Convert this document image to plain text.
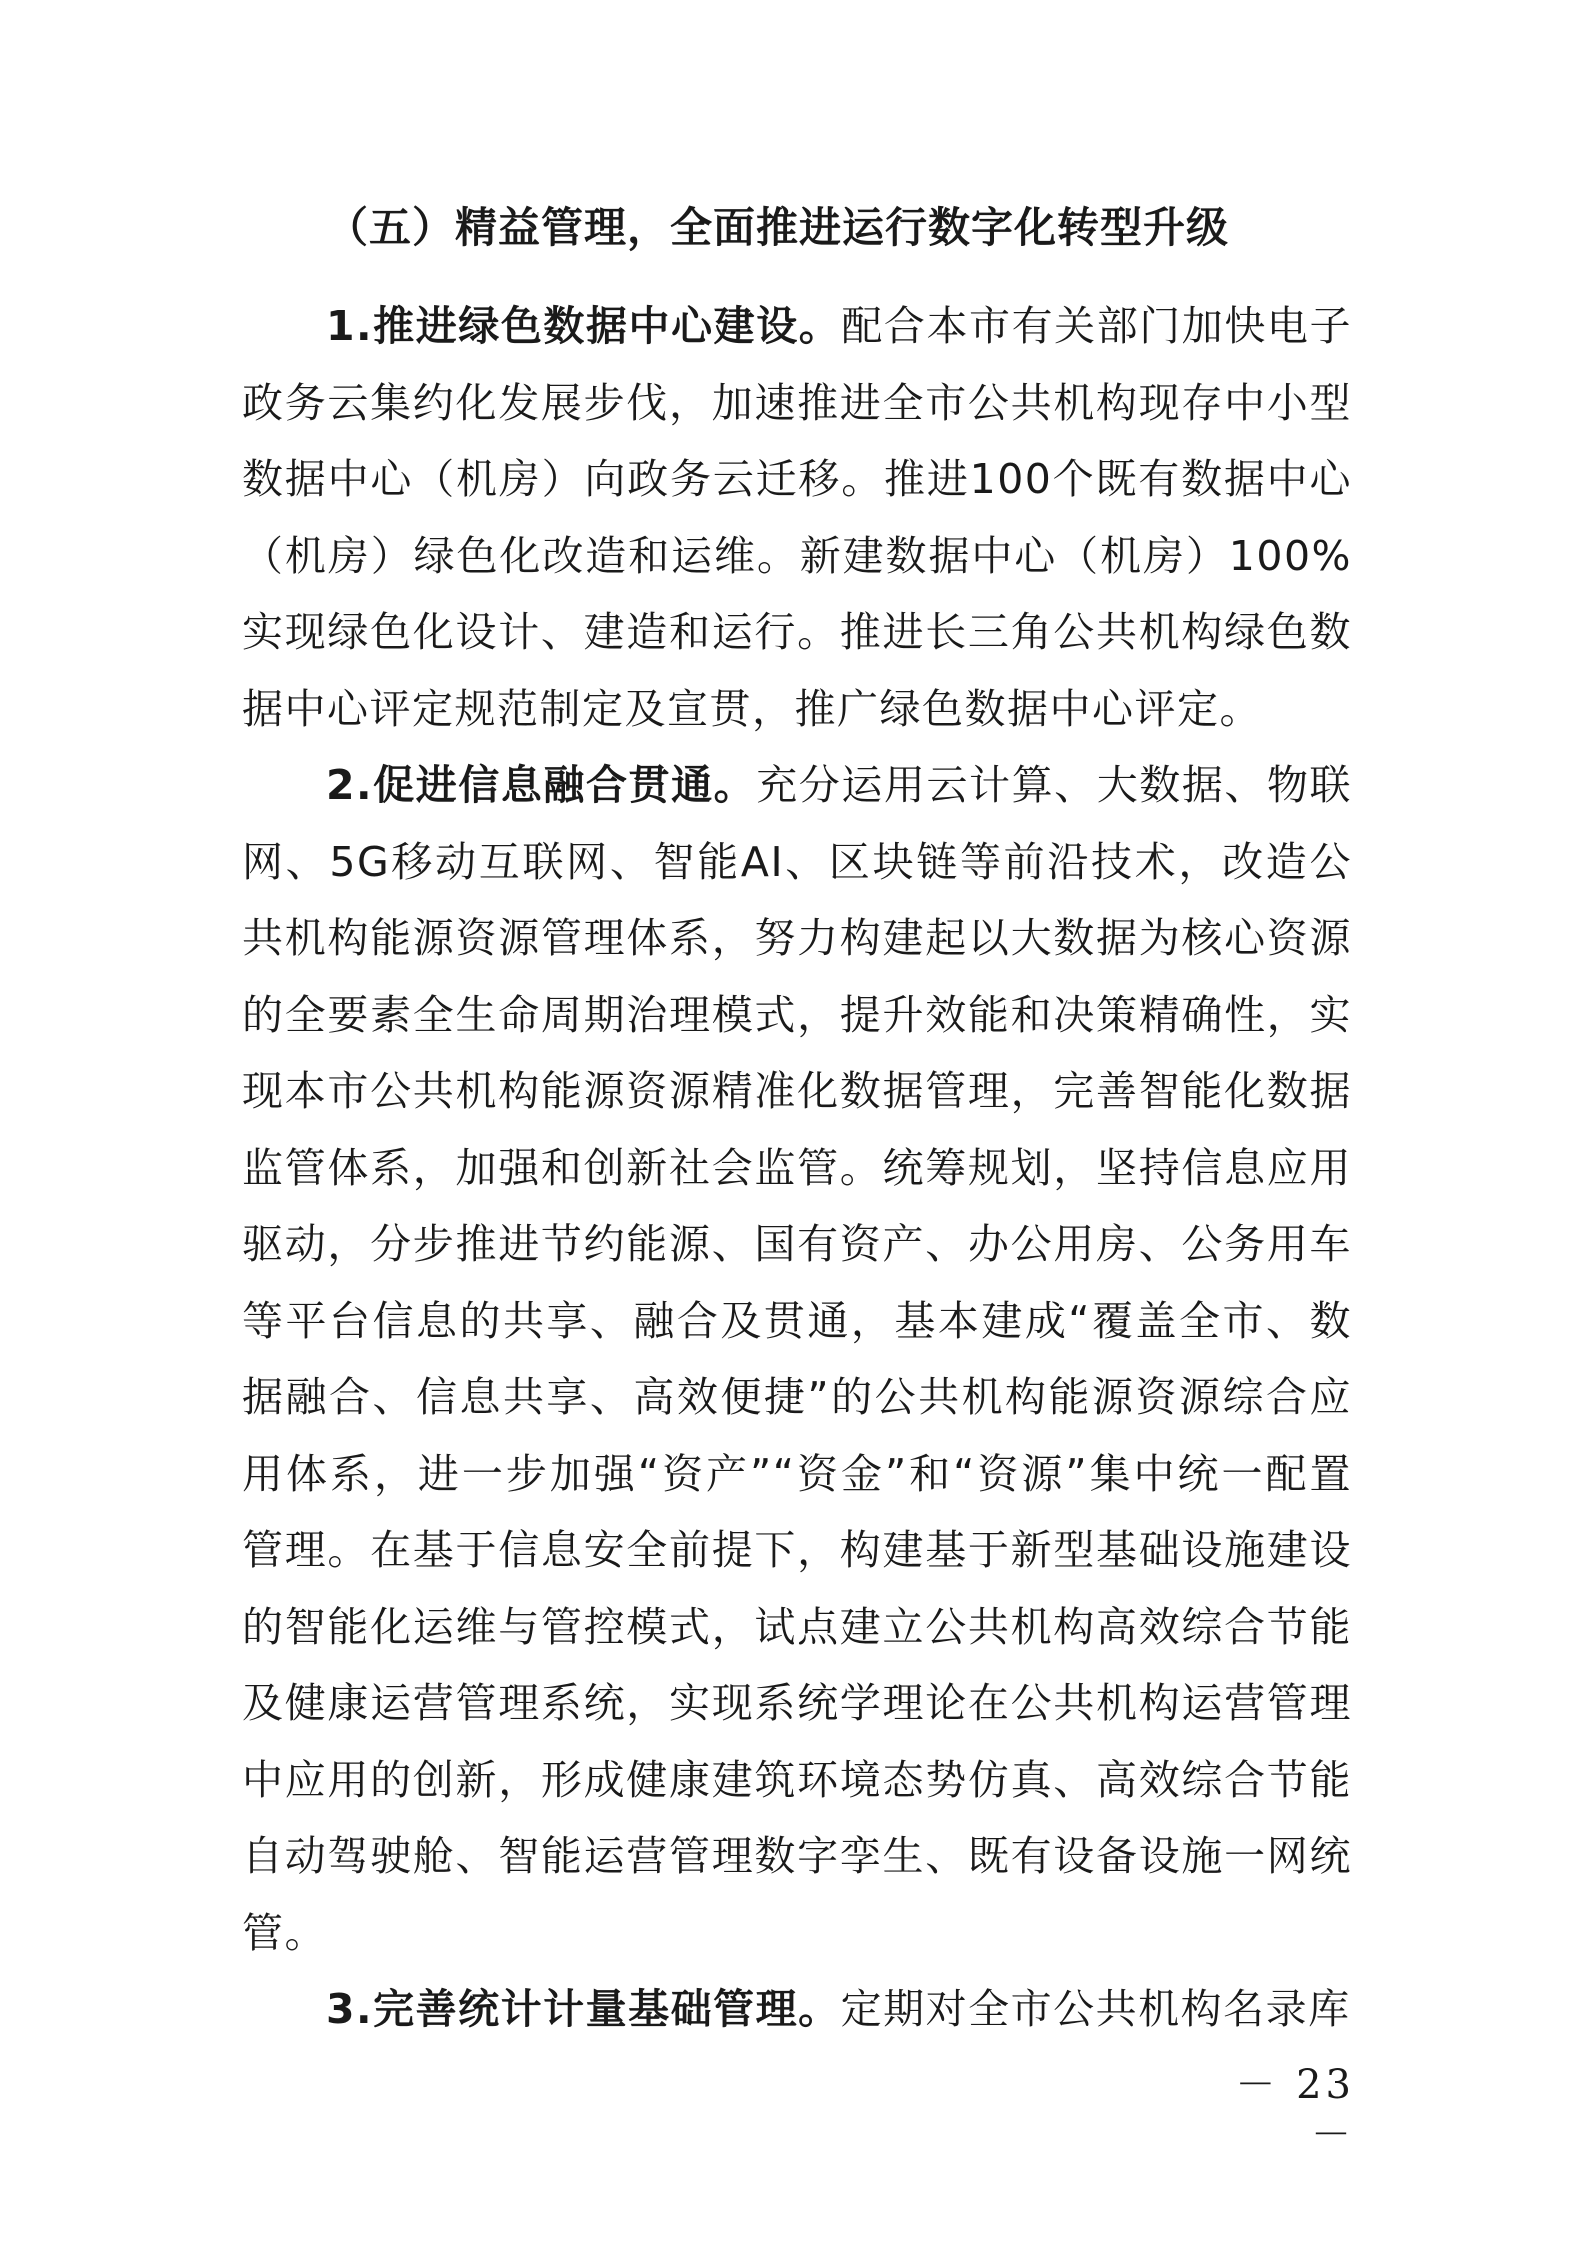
（五）精益管理，全面推进运行数字化转型升级

1.推进绿色数据中心建设。配合本市有关部门加快电子政务云集约化发展步伐，加速推进全市公共机构现存中小型数据中心（机房）向政务云迁移。推进100个既有数据中心（机房）绿色化改造和运维。新建数据中心（机房）100%实现绿色化设计、建造和运行。推进长三角公共机构绿色数据中心评定规范制定及宣贯，推广绿色数据中心评定。

2.促进信息融合贯通。充分运用云计算、大数据、物联网、5G移动互联网、智能AI、区块链等前沿技术，改造公共机构能源资源管理体系，努力构建起以大数据为核心资源的全要素全生命周期治理模式，提升效能和决策精确性，实现本市公共机构能源资源精准化数据管理，完善智能化数据监管体系，加强和创新社会监管。统筹规划，坚持信息应用驱动，分步推进节约能源、国有资产、办公用房、公务用车等平台信息的共享、融合及贯通，基本建成“覆盖全市、数据融合、信息共享、高效便捷”的公共机构能源资源综合应用体系，进一步加强“资产”“资金”和“资源”集中统一配置管理。在基于信息安全前提下，构建基于新型基础设施建设的智能化运维与管控模式，试点建立公共机构高效综合节能及健康运营管理系统，实现系统学理论在公共机构运营管理中应用的创新，形成健康建筑环境态势仿真、高效综合节能自动驾驶舱、智能运营管理数字孪生、既有设备设施一网统管。

3.完善统计计量基础管理。定期对全市公共机构名录库

－ 23 －
